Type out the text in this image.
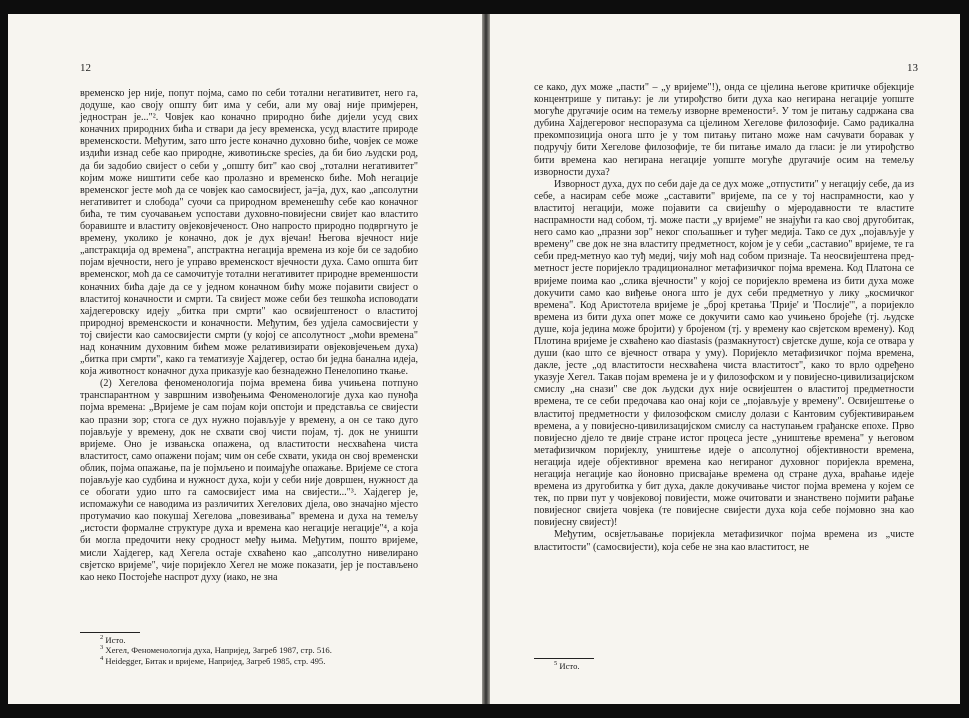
12

временско јер није, попут појма, само по себи тотални негативитет, него га, додуше, као своју општу бит има у себи, али му овај није примјерен, једностран је..."². Човјек као коначно природно биће дијели усуд свих коначних природних бића и ствари да јесу временска, усуд властите природе временскости. Међутим, зато што јесте коначно духовно биће, човјек се може издићи изнад себе као природне, животињске species, да би био људски род, да би задобио свијест о себи у „општу бит" као свој „тотални негативитет" којим може ништити себе као пролазно и временско биће. Моћ негације временског јесте моћ да се човјек као самосвијест, ја=ја, дух, као „апсолутни негативитет и слобода" суочи са природном временешћу себе као коначног бића, те тим суочавањем успостави духовно-повијесни свијет као властито боравиште и властиту овјековјеченост. Оно напросто природно подвргнуто је времену, уколико је коначно, док је дух вјечан! Његова вјечност није „апстракција од времена", апстрактна негација времена из које би се задобио појам вјечности, него је управо временскост вјечности духа. Само општа бит временског, моћ да се самочитује тотални негативитет природне временшости коначних бића даје да се у једном коначном бићу може појавити свијест о властитој коначности и смрти. Та свијест може себи без тешкоћа исповодати хајдегеровску идеју „битка при смрти" као освијештеност о властитој природној временскости и коначности. Међутим, без удјела самосвијести у тој свијести као самосвијести смрти (у којој се апсолутност „моћи времена" над коначним духовним бићем може релативизирати овјековјечењем духа) „биткa при смрти", како га тематизује Хајдегер, остао би једна банална идеја, која животност коначног духа приказује као безнадежно Пенелопино ткање.

(2) Хегелова феноменологија појма времена бива учињена потпуно транспарантном у завршним извођењима Феноменологије духа као пунођа појма времена: „Вријеме је сам појам који опстоји и представља се свијести као празни зор; стога се дух нужно појављује у времену, а он се тако дуго појављује у времену, док не схвати свој чисти појам, тј. док не уништи вријеме. Оно је извањска опажена, од властитости несхваћена чиста властитост, само опажени појам; чим он себе схвати, укида он свој временски облик, појма опажање, па је појмљено и поимајуће опажање. Вријеме се стога појављује као судбина и нужност духа, који у себи није довршен, нужност да се обогати удио што га самосвијест има на свијести..."³. Хајдегер је, испомажући се наводима из различитих Хегелових дјела, ово значајно мјесто протумачио као покушај Хегелова „повезивања" времена и духа на темељу „истости формалне структуре духа и времена као негације негације"⁴, а која би могла предочити неку сродност међу њима. Међутим, пошто вријеме, мисли Хајдегер, кад Хегела остаје схваћено као „апсолутно нивелирано свјетско вријеме", чије поријекло Хегел не може показати, јер је постављено као неко Постојеће наспрот духу (иако, не зна

$^2$ Исто.
$^3$ Хегел, Феноменологија духа, Напријед, Загреб 1987, стр. 516.
$^4$ Heidegger, Битак и вријеме, Напријед, Загреб 1985, стр. 495.
13

се како, дух може „пасти" – „у вријеме"!), онда се цјелина његове критичке објекције концентрише у питању: је ли утирођство бити духа као негирана негације уопште могуће другачије осим на темељу изворне времености⁵. У том је питању садржана сва дубина Хајдегеровог неспоразума са цјелином Хегелове филозофије. Само радикална прекомпозиција оногa што је у том питању питано може нам сачувати боравак у подручју бити Хегелове филозофије, те би питање имало да гласи: је ли утирођство бити времена као негирана негације уопште могуће другачије осим на темељу изворности духа?

Изворност духа, дух по себи даје да се дух може „отпустити" у негацију себе, да из себе, а насирам себе може „саставити" вријеме, па се у тој наспрамности, као у властитој негацији, може појавити са свијешћу о мјеродавности те властите наспрамности над собом, тј. може пасти „у вријеме" не знајући га као свој другобитак, него само као „празни зор" неког спољашњег и туђег медија. Тако се дух „појављује у времену" све док не зна властиту предметност, којом је у себи „саставио" вријеме, те га себи пред-метнуо као туђ медиј, чију моћ над собом признаје. Та неосвијештена пред-метност јесте поријекло традиционалног метафизичког појма времена. Код Платона се вријеме поима као „слика вјечности" у којој се поријекло времена из бити духа може докучити само као виђење онога што је дух себи предметнуо у лику „космичког времена". Код Аристотела вријеме је „број кретања 'Прије' и 'Послије'", а поријекло времена из бити духа опет може се докучити само као учињено бројеће (тј. људске душе, која једина може бројити) у бројеном (тј. у времену као свјетском времену). Код Плотина вријеме је схваћено као diastasis (размакнутост) свјетске душе, која се отвара у души (као што се вјечност отвара у уму). Поријекло метафизичког појма времена, дакле, јесте „од властитости несхваћена чиста властитост", како то врло одређено указује Хегел. Такав појам времена је и у филозофском и у повијесно-цивилизацијском смислу „на снази" све док људски дух није освијештен о властитој предметности времена, те се себи предочава као онај који се „појављује у времену". Освијештење о властитој предметности у филозофском смислу долази с Кантовим субјективирањем времена, а у повијесно-цивилизацијском смислу са наступањем грађанске епохе. Прво повијесно дјело те двије стране истог процеса јесте „уништење времена" у његовом метафизичком поријеклу, уништење идеје о апсолутној објективности времена, негација идеје објективног времена као негираног духовног поријекла времена, негација негације као йоновно присвајање времена од стране духа, враћање идеје времена из другобитка у бит духа, дакле докучивање чистог појма времена у којем се тек, по први пут у човјековој повијести, може очитовати и знанствено појмити рађање повијесног свијета човјека (те повијесне свијести духа која себе појмовно зна као повијесну свијест)!

Међутим, освјетљавање поријекла метафизичког појма времена из „чисте властитости" (самосвијести), која себе не зна као властитост, не

$^5$ Исто.
